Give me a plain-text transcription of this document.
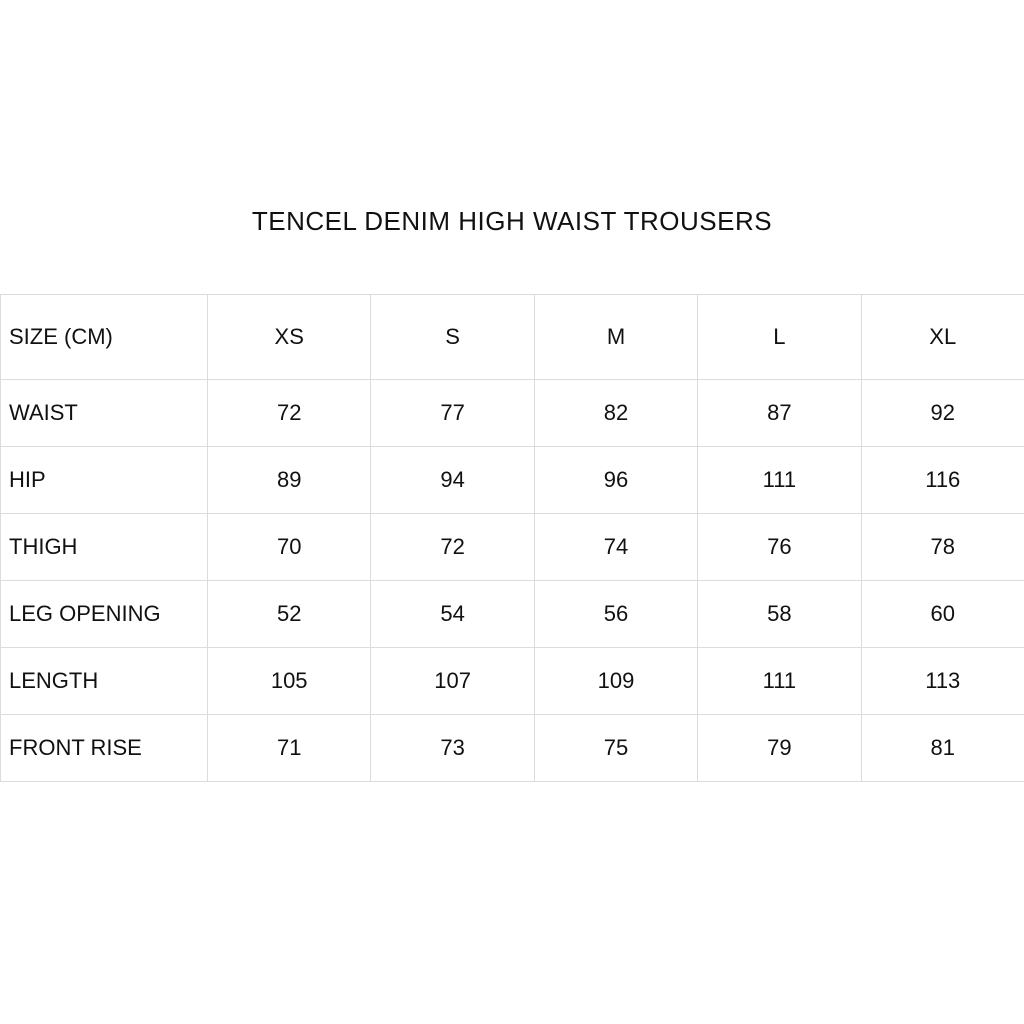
TENCEL DENIM HIGH WAIST TROUSERS
SIZE (CM)	XS	S	M	L	XL
WAIST	72	77	82	87	92
HIP	89	94	96	111	116
THIGH	70	72	74	76	78
LEG OPENING	52	54	56	58	60
LENGTH	105	107	109	111	113
FRONT RISE	71	73	75	79	81
